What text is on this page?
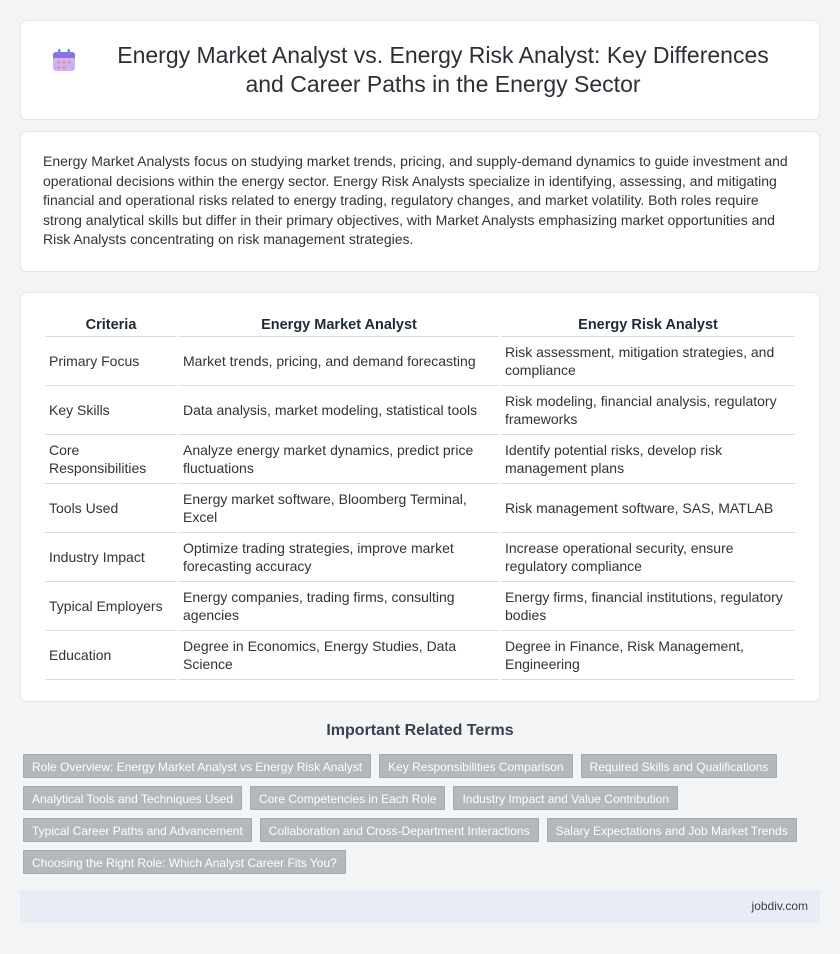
Energy Market Analyst vs. Energy Risk Analyst: Key Differences and Career Paths in the Energy Sector

Energy Market Analysts focus on studying market trends, pricing, and supply-demand dynamics to guide investment and operational decisions within the energy sector. Energy Risk Analysts specialize in identifying, assessing, and mitigating financial and operational risks related to energy trading, regulatory changes, and market volatility. Both roles require strong analytical skills but differ in their primary objectives, with Market Analysts emphasizing market opportunities and Risk Analysts concentrating on risk management strategies.

Criteria	Energy Market Analyst	Energy Risk Analyst
Primary Focus	Market trends, pricing, and demand forecasting	Risk assessment, mitigation strategies, and compliance
Key Skills	Data analysis, market modeling, statistical tools	Risk modeling, financial analysis, regulatory frameworks
Core Responsibilities	Analyze energy market dynamics, predict price fluctuations	Identify potential risks, develop risk management plans
Tools Used	Energy market software, Bloomberg Terminal, Excel	Risk management software, SAS, MATLAB
Industry Impact	Optimize trading strategies, improve market forecasting accuracy	Increase operational security, ensure regulatory compliance
Typical Employers	Energy companies, trading firms, consulting agencies	Energy firms, financial institutions, regulatory bodies
Education	Degree in Economics, Energy Studies, Data Science	Degree in Finance, Risk Management, Engineering
Important Related Terms
Role Overview: Energy Market Analyst vs Energy Risk Analyst	Key Responsibilities Comparison	Required Skills and Qualifications
Analytical Tools and Techniques Used	Core Competencies in Each Role	Industry Impact and Value Contribution
Typical Career Paths and Advancement	Collaboration and Cross-Department Interactions	Salary Expectations and Job Market Trends
Choosing the Right Role: Which Analyst Career Fits You?
jobdiv.com
